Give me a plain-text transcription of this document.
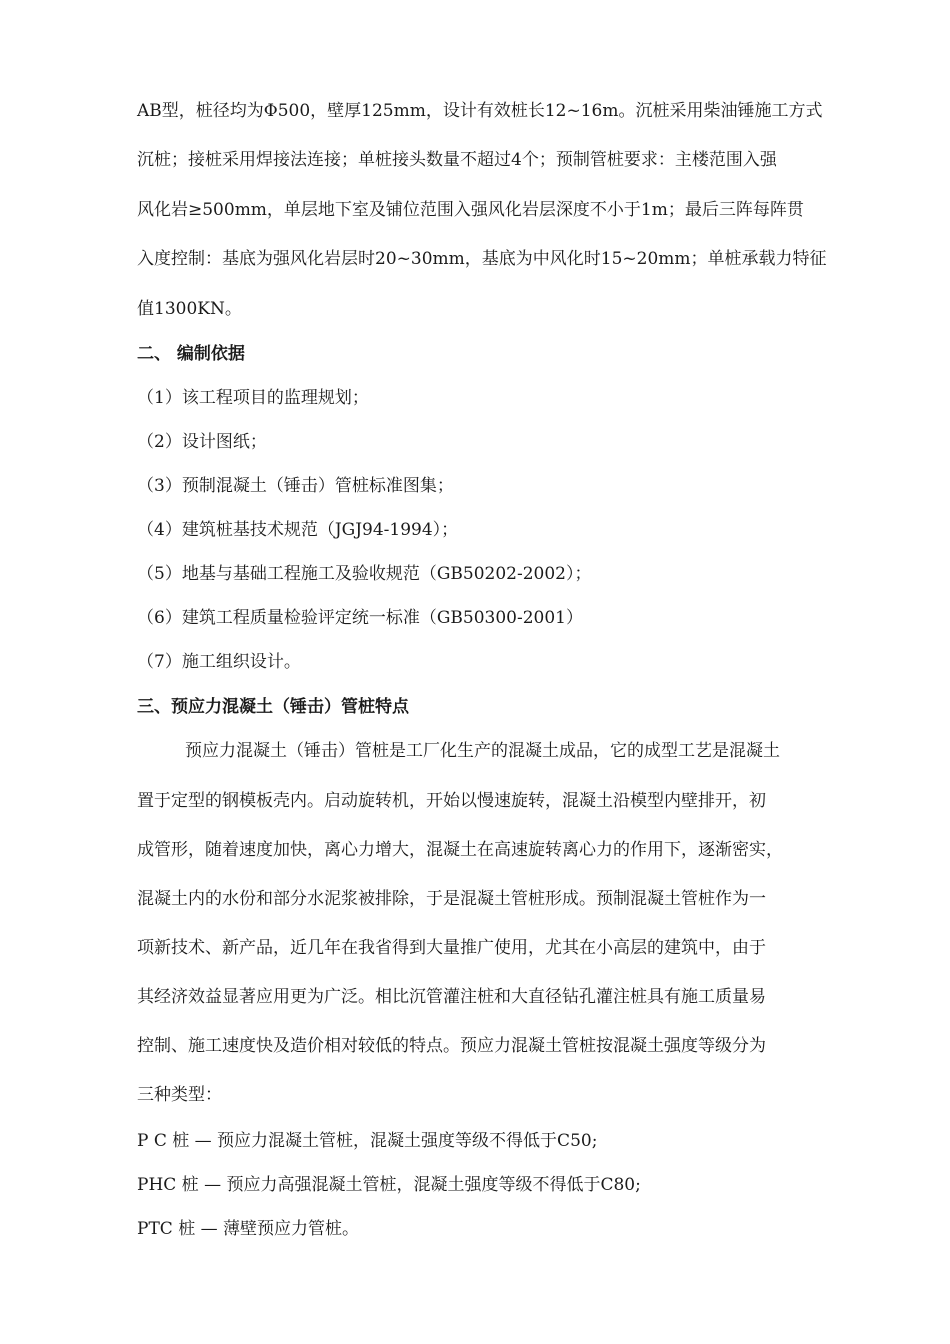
AB型，桩径均为Φ500，壁厚125mm，设计有效桩长12~16m。沉桩采用柴油锤施工方式
沉桩；接桩采用焊接法连接；单桩接头数量不超过4个；预制管桩要求：主楼范围入强
风化岩≥500mm，单层地下室及铺位范围入强风化岩层深度不小于1m；最后三阵每阵贯
入度控制：基底为强风化岩层时20~30mm，基底为中风化时15~20mm；单桩承载力特征
值1300KN。
二、 编制依据
（1）该工程项目的监理规划；
（2）设计图纸；
（3）预制混凝土（锤击）管桩标准图集；
（4）建筑桩基技术规范（JGJ94-1994）；
（5）地基与基础工程施工及验收规范（GB50202-2002）；
（6）建筑工程质量检验评定统一标准（GB50300-2001）
（7）施工组织设计。
三、预应力混凝土（锤击）管桩特点
预应力混凝土（锤击）管桩是工厂化生产的混凝土成品，它的成型工艺是混凝土
置于定型的钢模板壳内。启动旋转机，开始以慢速旋转，混凝土沿模型内壁排开，初
成管形，随着速度加快，离心力增大，混凝土在高速旋转离心力的作用下，逐渐密实，
混凝土内的水份和部分水泥浆被排除，于是混凝土管桩形成。预制混凝土管桩作为一
项新技术、新产品，近几年在我省得到大量推广使用，尤其在小高层的建筑中，由于
其经济效益显著应用更为广泛。相比沉管灌注桩和大直径钻孔灌注桩具有施工质量易
控制、施工速度快及造价相对较低的特点。预应力混凝土管桩按混凝土强度等级分为
三种类型：
P C 桩 — 预应力混凝土管桩，混凝土强度等级不得低于C50;
PHC 桩 — 预应力高强混凝土管桩，混凝土强度等级不得低于C80;
PTC 桩 — 薄壁预应力管桩。
